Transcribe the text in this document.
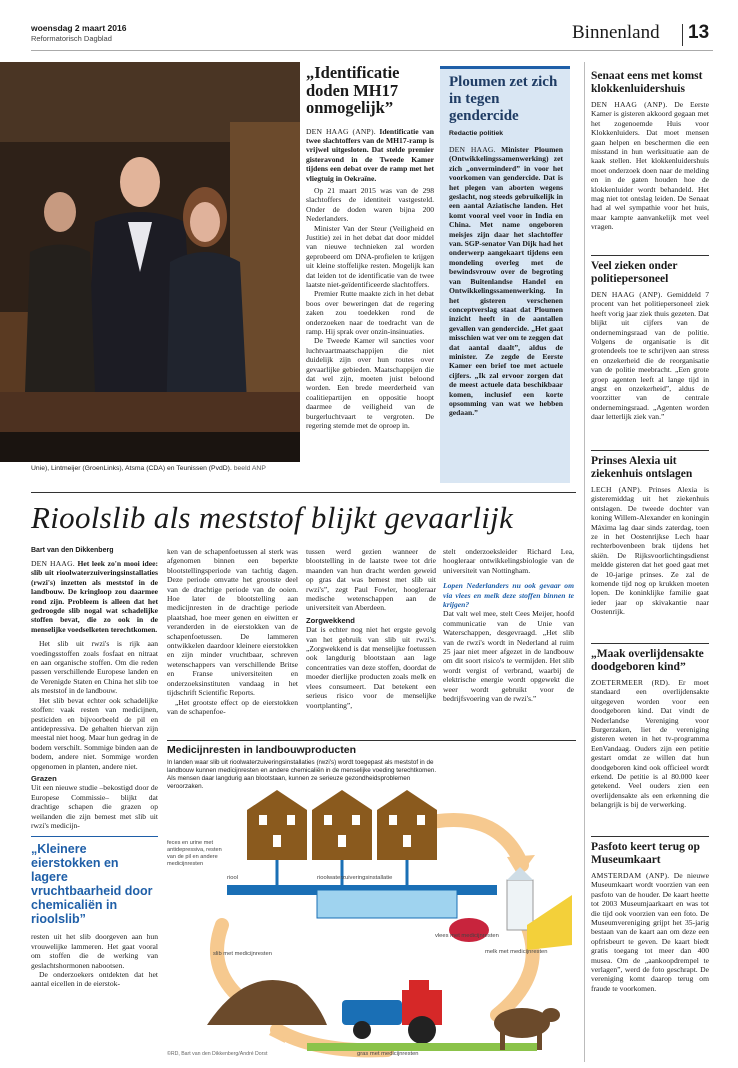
woensdag 2 maart 2016
Reformatorisch Dagblad	Binnenland 13
Unie), Lintmeijer (GroenLinks), Atsma (CDA) en Teunissen (PvdD). beeld ANP
„Identificatie doden MH17 onmogelijk”

DEN HAAG (ANP). Identificatie van twee slachtoffers van de MH17-ramp is vrijwel uitgesloten. Dat stelde premier gisteravond in de Tweede Kamer tijdens een debat over de ramp met het vliegtuig in Oekraïne.

Op 21 maart 2015 was van de 298 slachtoffers de identiteit vastgesteld. Onder de doden waren bijna 200 Nederlanders.

Minister Van der Steur (Veiligheid en Justitie) zei in het debat dat door middel van nieuwe technieken zal worden geprobeerd om DNA-profielen te krijgen uit kleine stoffelijke resten. Mogelijk kan dat leiden tot de identificatie van de twee laatste niet-geïdentificeerde slachtoffers.

Premier Rutte maakte zich in het debat boos over beweringen dat de regering zaken zou toedekken rond de onderzoeken naar de toedracht van de ramp. Hij sprak over onzin-insinuaties.

De Tweede Kamer wil sancties voor luchtvaartmaatschappijen die niet duidelijk zijn over hun routes over gevaarlijke gebieden. Maatschappijen die dat wel zijn, moeten juist beloond worden. Een brede meerderheid van coalitiepartijen en oppositie hoopt daarmee de veiligheid van de burgerluchtvaart te vergroten. De regering stemde met de oproep in.

Ploumen zet zich in tegen gendercide
Redactie politiek

DEN HAAG. Minister Ploumen (Ontwikkelingssamenwerking) zet zich „onverminderd” in voor het voorkomen van gendercide. Dat is het plegen van aborten wegens geslacht, nog steeds gebruikelijk in een aantal Aziatische landen. Het komt vooral veel voor in India en China. Met name ongeboren meisjes zijn daar het slachtoffer van. SGP-senator Van Dijk had het onderwerp aangekaart tijdens een mondeling overleg met de bewindsvrouw over de begroting van Buitenlandse Handel en Ontwikkelingssamenwerking. In het gisteren verschenen conceptverslag staat dat Ploumen inzicht heeft in de aantallen gevallen van gendercide. „Het gaat misschien wat ver om te zeggen dat dat aantal daalt”, aldus de minister. Ze zegde de Eerste Kamer een brief toe met actuele cijfers. „Ik zal ervoor zorgen dat de meest actuele data beschikbaar komen, inclusief een korte opsomming van wat we hebben gedaan.”

Senaat eens met komst klokkenluidershuis

DEN HAAG (ANP). De Eerste Kamer is gisteren akkoord gegaan met het zogenoemde Huis voor Klokkenluiders. Dat moet mensen gaan helpen en beschermen die een misstand in hun werksituatie aan de kaak stellen. Het klokkenluidershuis moet onderzoek doen naar de melding en in de gaten houden hoe de klokkenluider wordt behandeld. Het mag niet tot ontslag leiden. De Senaat had al wel sympathie voor het huis, maar kampte aanvankelijk met veel vragen.

Veel zieken onder politiepersoneel

DEN HAAG (ANP). Gemiddeld 7 procent van het politiepersoneel ziek heeft vorig jaar ziek thuis gezeten. Dat blijkt uit cijfers van de ondernemingsraad van de politie. Volgens de organisatie is dit grotendeels toe te schrijven aan stress en onzekerheid die de reorganisatie van de politie meebracht. „Een grote groep agenten leeft al lange tijd in angst en onzekerheid”, aldus de voorzitter van de centrale ondernemingsraad. „Agenten worden daar letterlijk ziek van.”

Prinses Alexia uit ziekenhuis ontslagen

LECH (ANP). Prinses Alexia is gisteremiddag uit het ziekenhuis ontslagen. De tweede dochter van koning Willem-Alexander en koningin Máxima lag daar sinds zaterdag, toen ze in het Oostenrijkse Lech haar rechterbovenbeen brak tijdens het skiën. De Rijksvoorlichtingsdienst meldde gisteren dat het goed gaat met de 10-jarige prinses. Ze zal de komende tijd nog op krukken moeten lopen. De koninklijke familie gaat ieder jaar op skivakantie naar Oostenrijk.

„Maak overlijdensakte doodgeboren kind”

ZOETERMEER (RD). Er moet standaard een overlijdensakte uitgegeven worden voor een doodgeboren kind. Dat vindt de Nederlandse Vereniging voor Burgerzaken, liet de vereniging gisteren weten in het tv-programma EenVandaag. Ouders zijn een petitie gestart omdat ze willen dat hun doodgeboren kind ook officieel wordt erkend. De petitie is al 80.000 keer getekend. Veel ouders zien een overlijdensakte als een erkenning die belangrijk is bij de verwerking.

Pasfoto keert terug op Museumkaart

AMSTERDAM (ANP). De nieuwe Museumkaart wordt voorzien van een pasfoto van de houder. De kaart heette tot 2003 Museumjaarkaart en was tot die tijd ook voorzien van een foto. De Museumvereniging grijpt het 35-jarig bestaan van de kaart aan om deze een opfrisbeurt te geven. De kaart biedt gratis toegang tot meer dan 400 musea. Om de „aankoopdrempel te verlagen”, werd de foto geschrapt. De vereniging komt daarop terug om fraude te voorkomen.

Rioolslib als meststof blijkt gevaarlijk
Bart van den Dikkenberg

DEN HAAG. Het leek zo'n mooi idee: slib uit rioolwaterzuiveringsinstallaties (rwzi's) inzetten als meststof in de landbouw. De kringloop zou daarmee rond zijn. Probleem is alleen dat het gedroogde slib nogal wat schadelijke stoffen bevat, die zo ook in de menselijke voedselketen terechtkomen.

Het slib uit rwzi's is rijk aan voedingsstoffen zoals fosfaat en nitraat en aan organische stoffen. Om die reden passen verschillende Europese landen en de Verenigde Staten en China het slib toe als meststof in de landbouw.

Het slib bevat echter ook schadelijke stoffen: vaak resten van medicijnen, pesticiden en bijvoorbeeld de pil en antidepressiva. De gehalten hiervan zijn meestal niet hoog. Maar hun gedrag in de bodem verschilt. Sommige binden aan de bodem, andere niet. Sommige worden opgenomen in planten, andere niet.

Grazen

Uit een nieuwe studie –bekostigd door de Europese Commissie– blijkt dat drachtige schapen die grazen op weilanden die zijn bemest met slib uit rwzi's medicijn-

„Kleinere eierstokken en lagere vruchtbaarheid door chemicaliën in rioolslib”

resten uit het slib doorgeven aan hun vrouwelijke lammeren. Het gaat vooral om stoffen die de werking van geslachtshormonen nabootsen.

De onderzoekers ontdekten dat het aantal eicellen in de eierstok-

ken van de schapenfoetussen al sterk was afgenomen binnen een beperkte blootstellingsperiode van tachtig dagen. Deze periode omvatte het grootste deel van de drachtige periode van de ooien. Hoe later de blootstelling aan medicijnresten in de drachtige periode plaatshad, hoe meer genen en eiwitten er veranderden in de eierstokken van de schapenfoetussen. De lammeren ontwikkelen daardoor kleinere eierstokken en zijn minder vruchtbaar, schreven wetenschappers van verschillende Britse en Franse universiteiten en onderzoeksinstituten vandaag in het tijdschrift Scientific Reports.

„Het grootste effect op de eierstokken van de schapenfoe-

tussen werd gezien wanneer de blootstelling in de laatste twee tot drie maanden van hun dracht werden geweid op gras dat was bemest met slib uit rwzi's”, zegt Paul Fowler, hoogleraar medische wetenschappen aan de universiteit van Aberdeen.

Zorgwekkend

Dat is echter nog niet het ergste gevolg van het gebruik van slib uit rwzi's. „Zorgwekkend is dat menselijke foetussen ook langdurig blootstaan aan lage concentraties van deze stoffen, doordat de moeder dierlijke producten zoals melk en vlees consumeert. Dat betekent een serieus risico voor de menselijke voortplanting”,

stelt onderzoeksleider Richard Lea, hoogleraar ontwikkelingsbiologie van de universiteit van Nottingham.

Lopen Nederlanders nu ook gevaar om via vlees en melk deze stoffen binnen te krijgen?

Dat valt wel mee, stelt Cees Meijer, hoofd communicatie van de Unie van Waterschappen, desgevraagd. „Het slib van de rwzi's wordt in Nederland al ruim 25 jaar niet meer afgezet in de landbouw om dit soort risico's te vermijden. Het slib wordt vergist of verbrand, waarbij de elektrische energie wordt opgewekt die weer wordt gebruikt voor de bedrijfsvoering van de rwzi's.”

Medicijnresten in landbouwproducten
In landen waar slib uit rioolwaterzuiveringsinstallaties (rwzi's) wordt toegepast als meststof in de landbouw kunnen medicijnresten en andere chemicaliën in de menselijke voeding terechtkomen. Als mensen daar langdurig aan blootstaan, kunnen ze serieuze gezondheidsproblemen veroorzaken.
feces en urine met antidepressiva, resten van de pil en andere medicijnresten
riool	rioolwaterzuiveringsinstallatie
slib met medicijnresten
vlees met medicijnresten
melk met medicijnresten
gras met medicijnresten
©RD, Bart van den Dikkenberg/André Dorst
